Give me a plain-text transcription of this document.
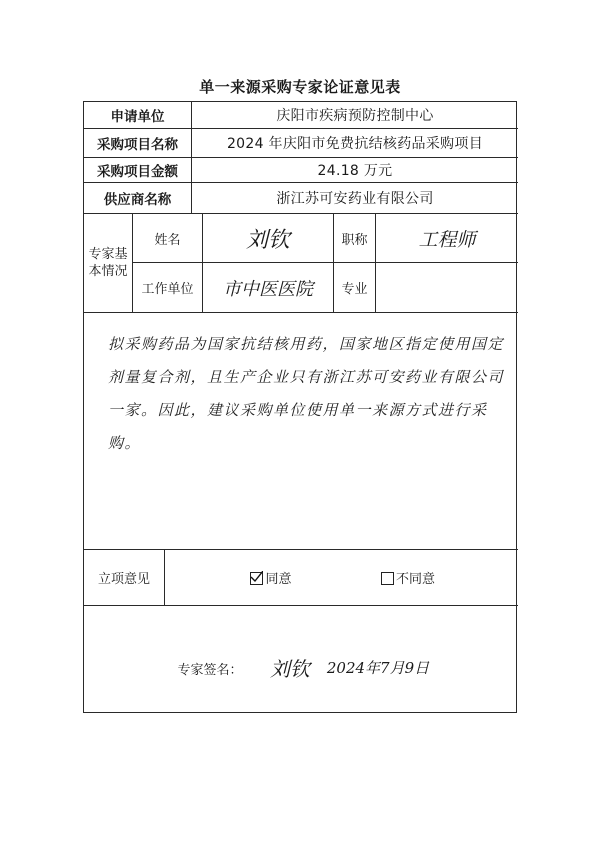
单一来源采购专家论证意见表
申请单位	庆阳市疾病预防控制中心
采购项目名称	2024 年庆阳市免费抗结核药品采购项目
采购项目金额	24.18 万元
供应商名称	浙江苏可安药业有限公司
专家基本情况
姓名	刘钦	职称	工程师
工作单位	市中医医院	专业
拟采购药品为国家抗结核用药，国家地区指定使用国定剂量复合剂，且生产企业只有浙江苏可安药业有限公司一家。因此，建议采购单位使用单一来源方式进行采购。
立项意见	同意	不同意
专家签名：	刘钦	2024年7月9日
